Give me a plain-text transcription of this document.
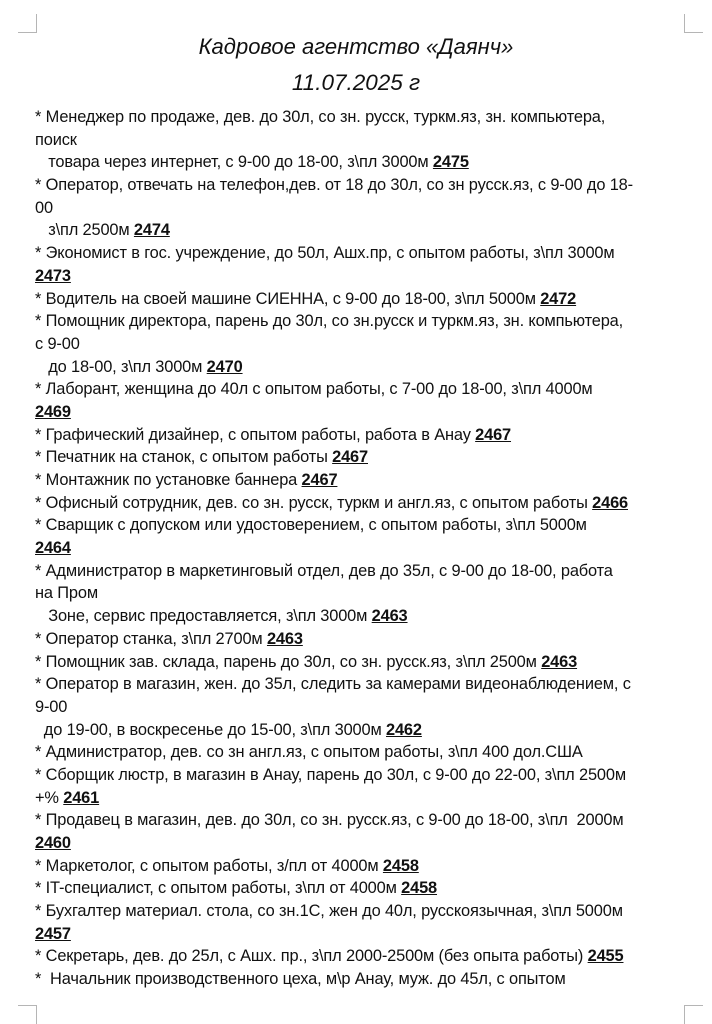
Кадровое агентство «Даянч»
11.07.2025 г
* Менеджер по продаже, дев. до 30л, со зн. русск, туркм.яз, зн. компьютера,
поиск
товара через интернет, с 9-00 до 18-00, з\пл 3000м 2475
* Оператор, отвечать на телефон,дев. от 18 до 30л, со зн русск.яз, с 9-00 до 18-
00
з\пл 2500м 2474
* Экономист в гос. учреждение, до 50л, Ашх.пр, с опытом работы, з\пл 3000м
2473
* Водитель на своей машине СИЕННА, с 9-00 до 18-00, з\пл 5000м 2472
* Помощник директора, парень до 30л, со зн.русск и туркм.яз, зн. компьютера,
с 9-00
до 18-00, з\пл 3000м 2470
* Лаборант, женщина до 40л с опытом работы, с 7-00 до 18-00, з\пл 4000м
2469
* Графический дизайнер, с опытом работы, работа в Анау 2467
* Печатник на станок, с опытом работы 2467
* Монтажник по установке баннера 2467
* Офисный сотрудник, дев. со зн. русск, туркм и англ.яз, с опытом работы 2466
* Сварщик с допуском или удостоверением, с опытом работы, з\пл 5000м
2464
* Администратор в маркетинговый отдел, дев до 35л, с 9-00 до 18-00, работа
на Пром
Зоне, сервис предоставляется, з\пл 3000м 2463
* Оператор станка, з\пл 2700м 2463
* Помощник зав. склада, парень до 30л, со зн. русск.яз, з\пл 2500м 2463
* Оператор в магазин, жен. до 35л, следить за камерами видеонаблюдением, с
9-00
до 19-00, в воскресенье до 15-00, з\пл 3000м 2462
* Администратор, дев. со зн англ.яз, с опытом работы, з\пл 400 дол.США
* Сборщик люстр, в магазин в Анау, парень до 30л, с 9-00 до 22-00, з\пл 2500м
+% 2461
* Продавец в магазин, дев. до 30л, со зн. русск.яз, с 9-00 до 18-00, з\пл  2000м
2460
* Маркетолог, с опытом работы, з/пл от 4000м 2458
* IT-специалист, с опытом работы, з\пл от 4000м 2458
* Бухгалтер материал. стола, со зн.1С, жен до 40л, русскоязычная, з\пл 5000м
2457
* Секретарь, дев. до 25л, с Ашх. пр., з\пл 2000-2500м (без опыта работы) 2455
*  Начальник производственного цеха, м\р Анау, муж. до 45л, с опытом
